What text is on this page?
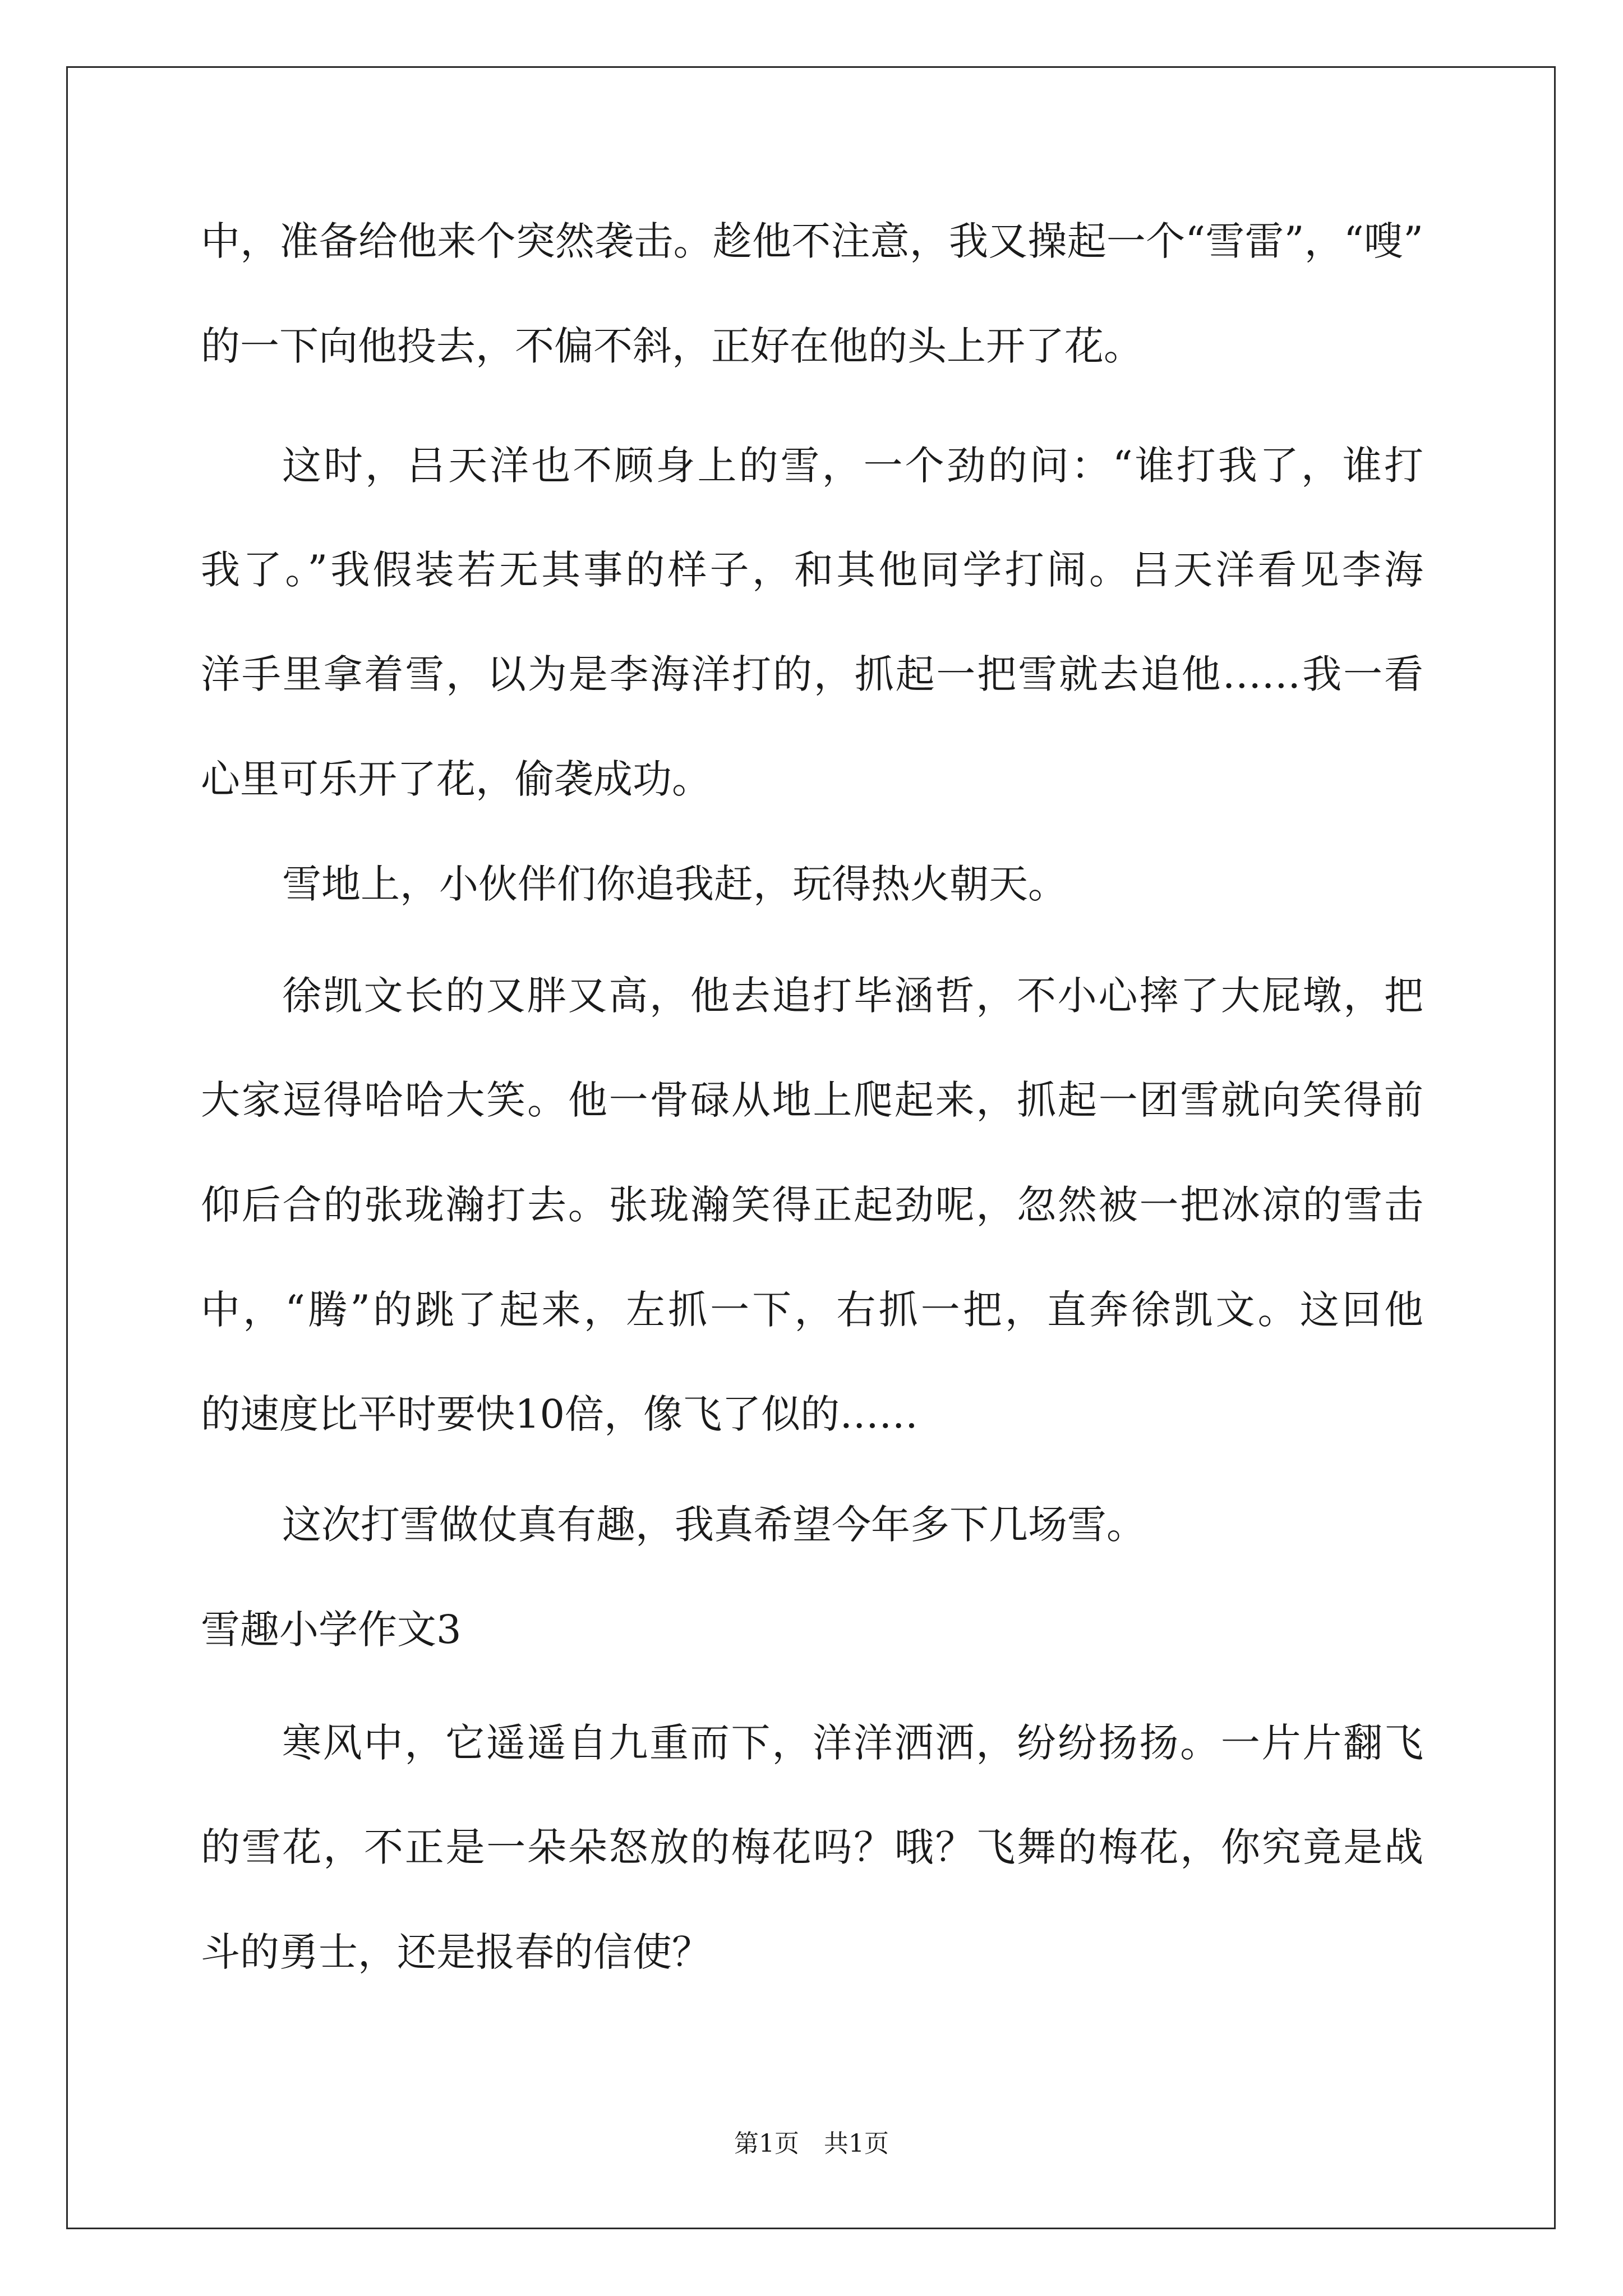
中，准备给他来个突然袭击。趁他不注意，我又操起一个“雪雷”，“嗖”
的一下向他投去，不偏不斜，正好在他的头上开了花。
这时，吕天洋也不顾身上的雪，一个劲的问：“谁打我了，谁打
我了。”我假装若无其事的样子，和其他同学打闹。吕天洋看见李海
洋手里拿着雪，以为是李海洋打的，抓起一把雪就去追他……我一看
心里可乐开了花，偷袭成功。
雪地上，小伙伴们你追我赶，玩得热火朝天。
徐凯文长的又胖又高，他去追打毕涵哲，不小心摔了大屁墩，把
大家逗得哈哈大笑。他一骨碌从地上爬起来，抓起一团雪就向笑得前
仰后合的张珑瀚打去。张珑瀚笑得正起劲呢，忽然被一把冰凉的雪击
中，“腾”的跳了起来，左抓一下，右抓一把，直奔徐凯文。这回他
的速度比平时要快10倍，像飞了似的……
这次打雪做仗真有趣，我真希望今年多下几场雪。
雪趣小学作文3
寒风中，它遥遥自九重而下，洋洋洒洒，纷纷扬扬。一片片翻飞
的雪花，不正是一朵朵怒放的梅花吗？哦？飞舞的梅花，你究竟是战
斗的勇士，还是报春的信使？
第1页　共1页
